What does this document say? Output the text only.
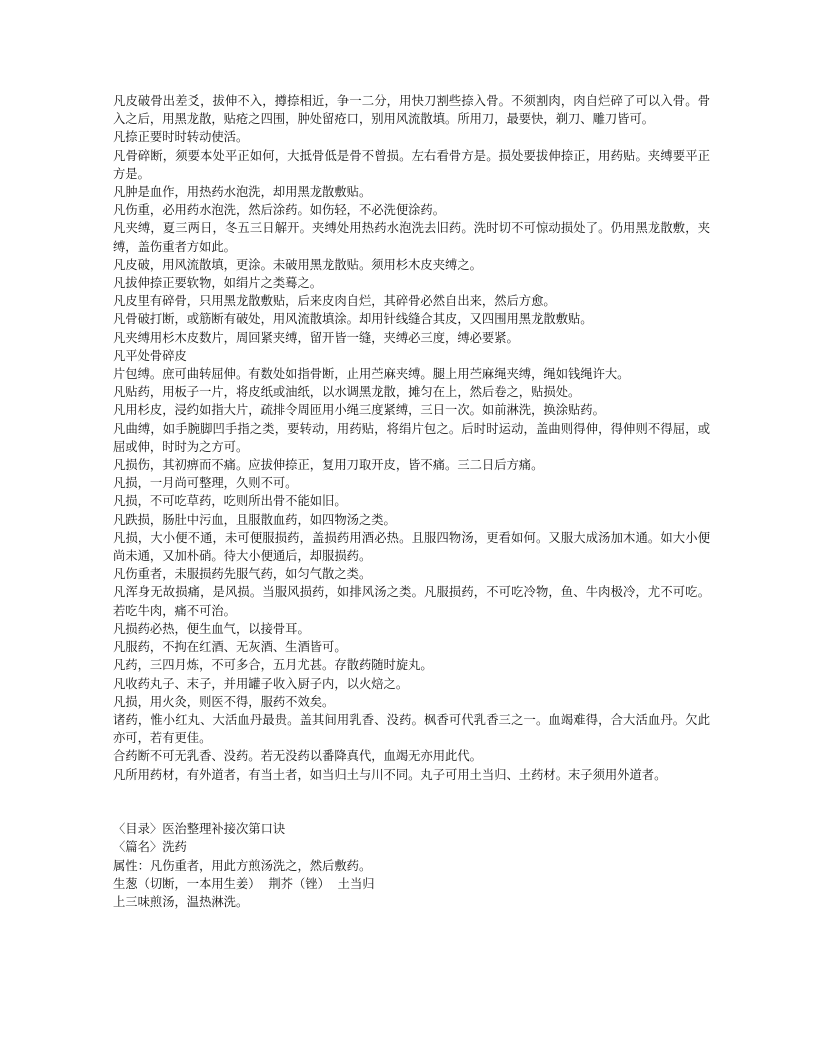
凡皮破骨出差爻，拔伸不入，撙捺相近，争一二分，用快刀割些捺入骨。不须割肉，肉自烂碎了可以入骨。骨入之后，用黑龙散，贴疮之四围，肿处留疮口，别用风流散填。所用刀，最要快，剃刀、雕刀皆可。

凡捺正要时时转动使活。

凡骨碎断，须要本处平正如何，大抵骨低是骨不曾损。左右看骨方是。损处要拔伸捺正，用药贴。夹缚要平正方是。

凡肿是血作，用热药水泡洗，却用黑龙散敷贴。

凡伤重，必用药水泡洗，然后涂药。如伤轻，不必洗便涂药。

凡夹缚，夏三两日，冬五三日解开。夹缚处用热药水泡洗去旧药。洗时切不可惊动损处了。仍用黑龙散敷，夹缚，盖伤重者方如此。

凡皮破，用风流散填，更涂。未破用黑龙散贴。须用杉木皮夹缚之。

凡拔伸捺正要软物，如绢片之类蓦之。

凡皮里有碎骨，只用黑龙散敷贴，后来皮肉自烂，其碎骨必然自出来，然后方愈。

凡骨破打断，或筋断有破处，用风流散填涂。却用针线缝合其皮，又四围用黑龙散敷贴。

凡夹缚用杉木皮数片，周回紧夹缚，留开皆一缝，夹缚必三度，缚必要紧。

凡平处骨碎皮

片包缚。庶可曲转屈伸。有数处如指骨断，止用苎麻夹缚。腿上用苎麻绳夹缚，绳如钱绳许大。

凡贴药，用板子一片，将皮纸或油纸，以水调黑龙散，摊匀在上，然后卷之，贴损处。

凡用杉皮，浸约如指大片，疏排令周匝用小绳三度紧缚，三日一次。如前淋洗，换涂贴药。

凡曲缚，如手腕脚凹手指之类，要转动，用药贴，将绢片包之。后时时运动，盖曲则得伸，得伸则不得屈，或屈或伸，时时为之方可。

凡损伤，其初痹而不痛。应拔伸捺正，复用刀取开皮，皆不痛。三二日后方痛。

凡损，一月尚可整理，久则不可。

凡损，不可吃草药，吃则所出骨不能如旧。

凡跌损，肠肚中污血，且服散血药，如四物汤之类。

凡损，大小便不通，未可便服损药，盖损药用酒必热。且服四物汤，更看如何。又服大成汤加木通。如大小便尚未通，又加朴硝。待大小便通后，却服损药。

凡伤重者，未服损药先服气药，如匀气散之类。

凡浑身无故损痛，是风损。当服风损药，如排风汤之类。凡服损药，不可吃冷物，鱼、牛肉极冷，尤不可吃。若吃牛肉，痛不可治。

凡损药必热，便生血气，以接骨耳。

凡服药，不拘在红酒、无灰酒、生酒皆可。

凡药，三四月炼，不可多合，五月尤甚。存散药随时旋丸。

凡收药丸子、末子，并用罐子收入厨子内，以火焙之。

凡损，用火灸，则医不得，服药不效矣。

诸药，惟小红丸、大活血丹最贵。盖其间用乳香、没药。枫香可代乳香三之一。血竭难得，合大活血丹。欠此亦可，若有更佳。

合药断不可无乳香、没药。若无没药以番降真代，血竭无亦用此代。

凡所用药材，有外道者，有当土者，如当归土与川不同。丸子可用土当归、土药材。末子须用外道者。

〈目录〉医治整理补接次第口诀

〈篇名〉洗药

属性：凡伤重者，用此方煎汤洗之，然后敷药。

生葱（切断，一本用生姜）  荆芥（锉）  土当归

上三味煎汤，温热淋洗。
